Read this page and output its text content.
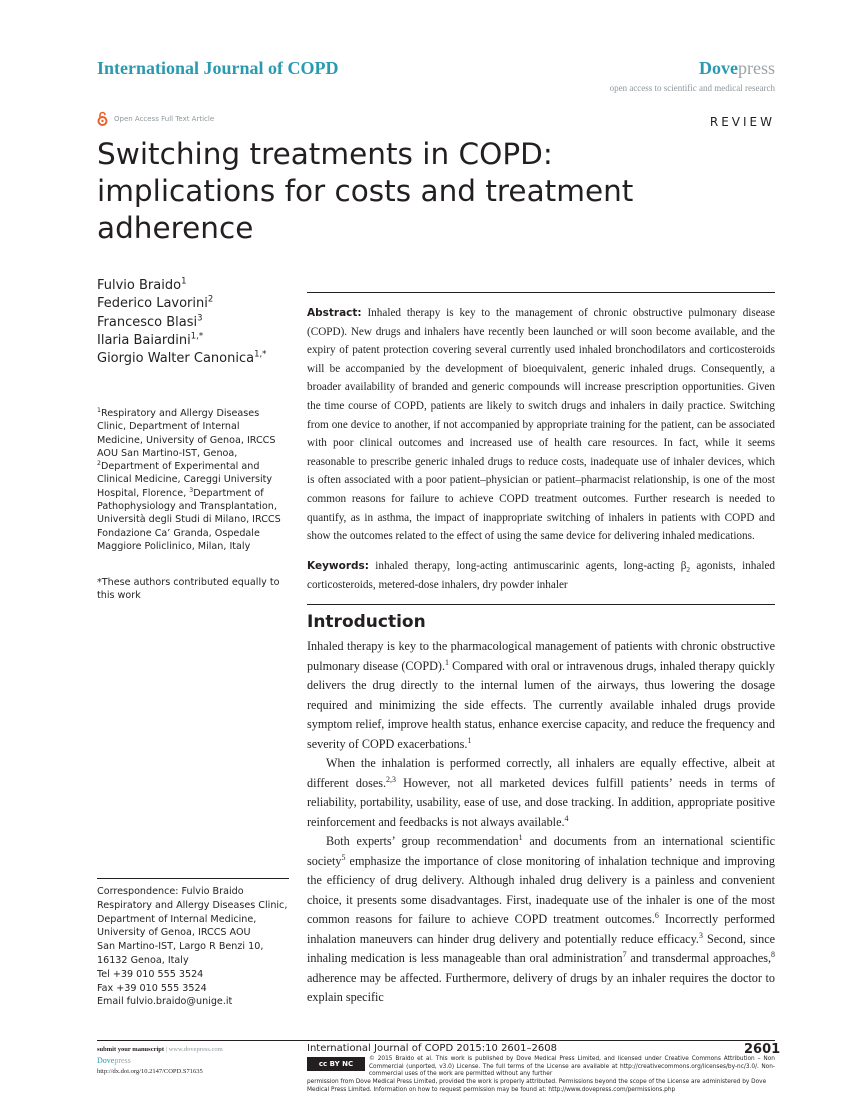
International Journal of COPD	Dovepress
open access to scientific and medical research
Open Access Full Text Article	REVIEW
Switching treatments in COPD: implications for costs and treatment adherence
Fulvio Braido$^1$
Federico Lavorini$^2$
Francesco Blasi$^3$
Ilaria Baiardini$^{1,*}$
Giorgio Walter Canonica$^{1,*}$
$^1$Respiratory and Allergy Diseases Clinic, Department of Internal Medicine, University of Genoa, IRCCS AOU San Martino-IST, Genoa, $^2$Department of Experimental and Clinical Medicine, Careggi University Hospital, Florence, $^3$Department of Pathophysiology and Transplantation, Università degli Studi di Milano, IRCCS Fondazione Ca’ Granda, Ospedale Maggiore Policlinico, Milan, Italy
*These authors contributed equally to this work
Correspondence: Fulvio Braido
Respiratory and Allergy Diseases Clinic,
Department of Internal Medicine,
University of Genoa, IRCCS AOU
San Martino-IST, Largo R Benzi 10,
16132 Genoa, Italy
Tel +39 010 555 3524
Fax +39 010 555 3524
Email fulvio.braido@unige.it
Abstract: Inhaled therapy is key to the management of chronic obstructive pulmonary disease (COPD). New drugs and inhalers have recently been launched or will soon become available, and the expiry of patent protection covering several currently used inhaled bronchodilators and corticosteroids will be accompanied by the development of bioequivalent, generic inhaled drugs. Consequently, a broader availability of branded and generic compounds will increase prescription opportunities. Given the time course of COPD, patients are likely to switch drugs and inhalers in daily practice. Switching from one device to another, if not accompanied by appropriate training for the patient, can be associated with poor clinical outcomes and increased use of health care resources. In fact, while it seems reasonable to prescribe generic inhaled drugs to reduce costs, inadequate use of inhaler devices, which is often associated with a poor patient–physician or patient–pharmacist relationship, is one of the most common reasons for failure to achieve COPD treatment outcomes. Further research is needed to quantify, as in asthma, the impact of inappropriate switching of inhalers in patients with COPD and show the outcomes related to the effect of using the same device for delivering inhaled medications.
Keywords: inhaled therapy, long-acting antimuscarinic agents, long-acting $\beta_2$ agonists, inhaled corticosteroids, metered-dose inhalers, dry powder inhaler
Introduction

Inhaled therapy is key to the pharmacological management of patients with chronic obstructive pulmonary disease (COPD).$^1$ Compared with oral or intravenous drugs, inhaled therapy quickly delivers the drug directly to the internal lumen of the airways, thus lowering the dosage required and minimizing the side effects. The currently available inhaled drugs provide symptom relief, improve health status, enhance exercise capacity, and reduce the frequency and severity of COPD exacerbations.$^1$

When the inhalation is performed correctly, all inhalers are equally effective, albeit at different doses.$^{2,3}$ However, not all marketed devices fulfill patients’ needs in terms of reliability, portability, usability, ease of use, and dose tracking. In addition, appropriate positive reinforcement and feedbacks is not always available.$^4$

Both experts’ group recommendation$^1$ and documents from an international scientific society$^5$ emphasize the importance of close monitoring of inhalation technique and improving the efficiency of drug delivery. Although inhaled drug delivery is a painless and convenient choice, it presents some disadvantages. First, inadequate use of the inhaler is one of the most common reasons for failure to achieve COPD treatment outcomes.$^6$ Incorrectly performed inhalation maneuvers can hinder drug delivery and potentially reduce efficacy.$^3$ Second, since inhaling medication is less manageable than oral administration$^7$ and transdermal approaches,$^8$ adherence may be affected. Furthermore, delivery of drugs by an inhaler requires the doctor to explain specific

submit your manuscript | www.dovepress.com
Dovepress
http://dx.doi.org/10.2147/COPD.S71635
International Journal of COPD 2015:10 2601–2608	2601
cc BY NC
© 2015 Braido et al. This work is published by Dove Medical Press Limited, and licensed under Creative Commons Attribution – Non Commercial (unported, v3.0) License. The full terms of the License are available at http://creativecommons.org/licenses/by-nc/3.0/. Non-commercial uses of the work are permitted without any further
permission from Dove Medical Press Limited, provided the work is properly attributed. Permissions beyond the scope of the License are administered by Dove Medical Press Limited. Information on how to request permission may be found at: http://www.dovepress.com/permissions.php
